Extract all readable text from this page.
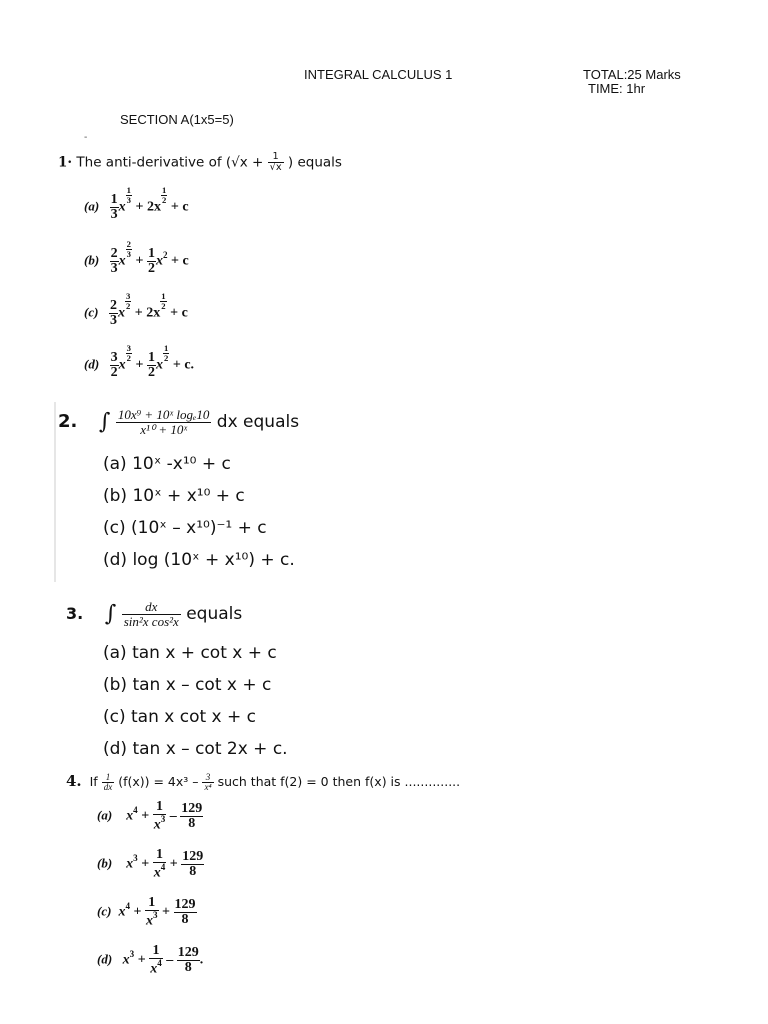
INTEGRAL CALCULUS 1	TOTAL:25 Marks
TIME: 1hr
SECTION A(1x5=5)
-
1· The anti-derivative of ($√x + \frac{1}{√x}$ ) equals
$(a) \frac{1}{3}$ x
$\frac{1}{3}$
+ 2x
$\frac{1}{2}$
+ c
$(b) \frac{2}{3}$ x
$\frac{2}{3}$
+ $\frac{1}{2} x^2 + c$
$(c) \frac{2}{3}$ x
$\frac{3}{2}$
+ 2x
$\frac{1}{2}$
+ c
$(d) \frac{3}{2}$ x
$\frac{3}{2}$
+ $\frac{1}{2}$ x
$\frac{1}{2}$
+ c.
2. ∫ $\frac{\text{10x⁹ + 10ˣ logₑ10}}{\text{x¹⁰ + 10ˣ}}$ dx equals
(a) 10ˣ -x¹⁰ + c
(b) 10ˣ + x¹⁰ + c
(c) (10ˣ – x¹⁰)⁻¹ + c
(d) log (10ˣ + x¹⁰) + c.
3. ∫ $\frac{dx}{\text{sin²x cos²x}}$ equals
(a) tan x + cot x + c
(b) tan x – cot x + c
(c) tan x cot x + c
(d) tan x – cot 2x + c.
4. If $\frac{1}{dx} (f(x)) = 4x^3 - \frac{3}{\text{x⁴}}$ such that f(2) = 0 then f(x) is ..............
(a) $x^4 + \frac{1}{x^3} - \frac{129}{8}$
(b) $x^3 + \frac{1}{x^4} + \frac{129}{8}$
(c) $x^4 + \frac{1}{x^3} + \frac{129}{8}$
(d) $x^3 + \frac{1}{x^4} - \frac{129}{8}$ .
